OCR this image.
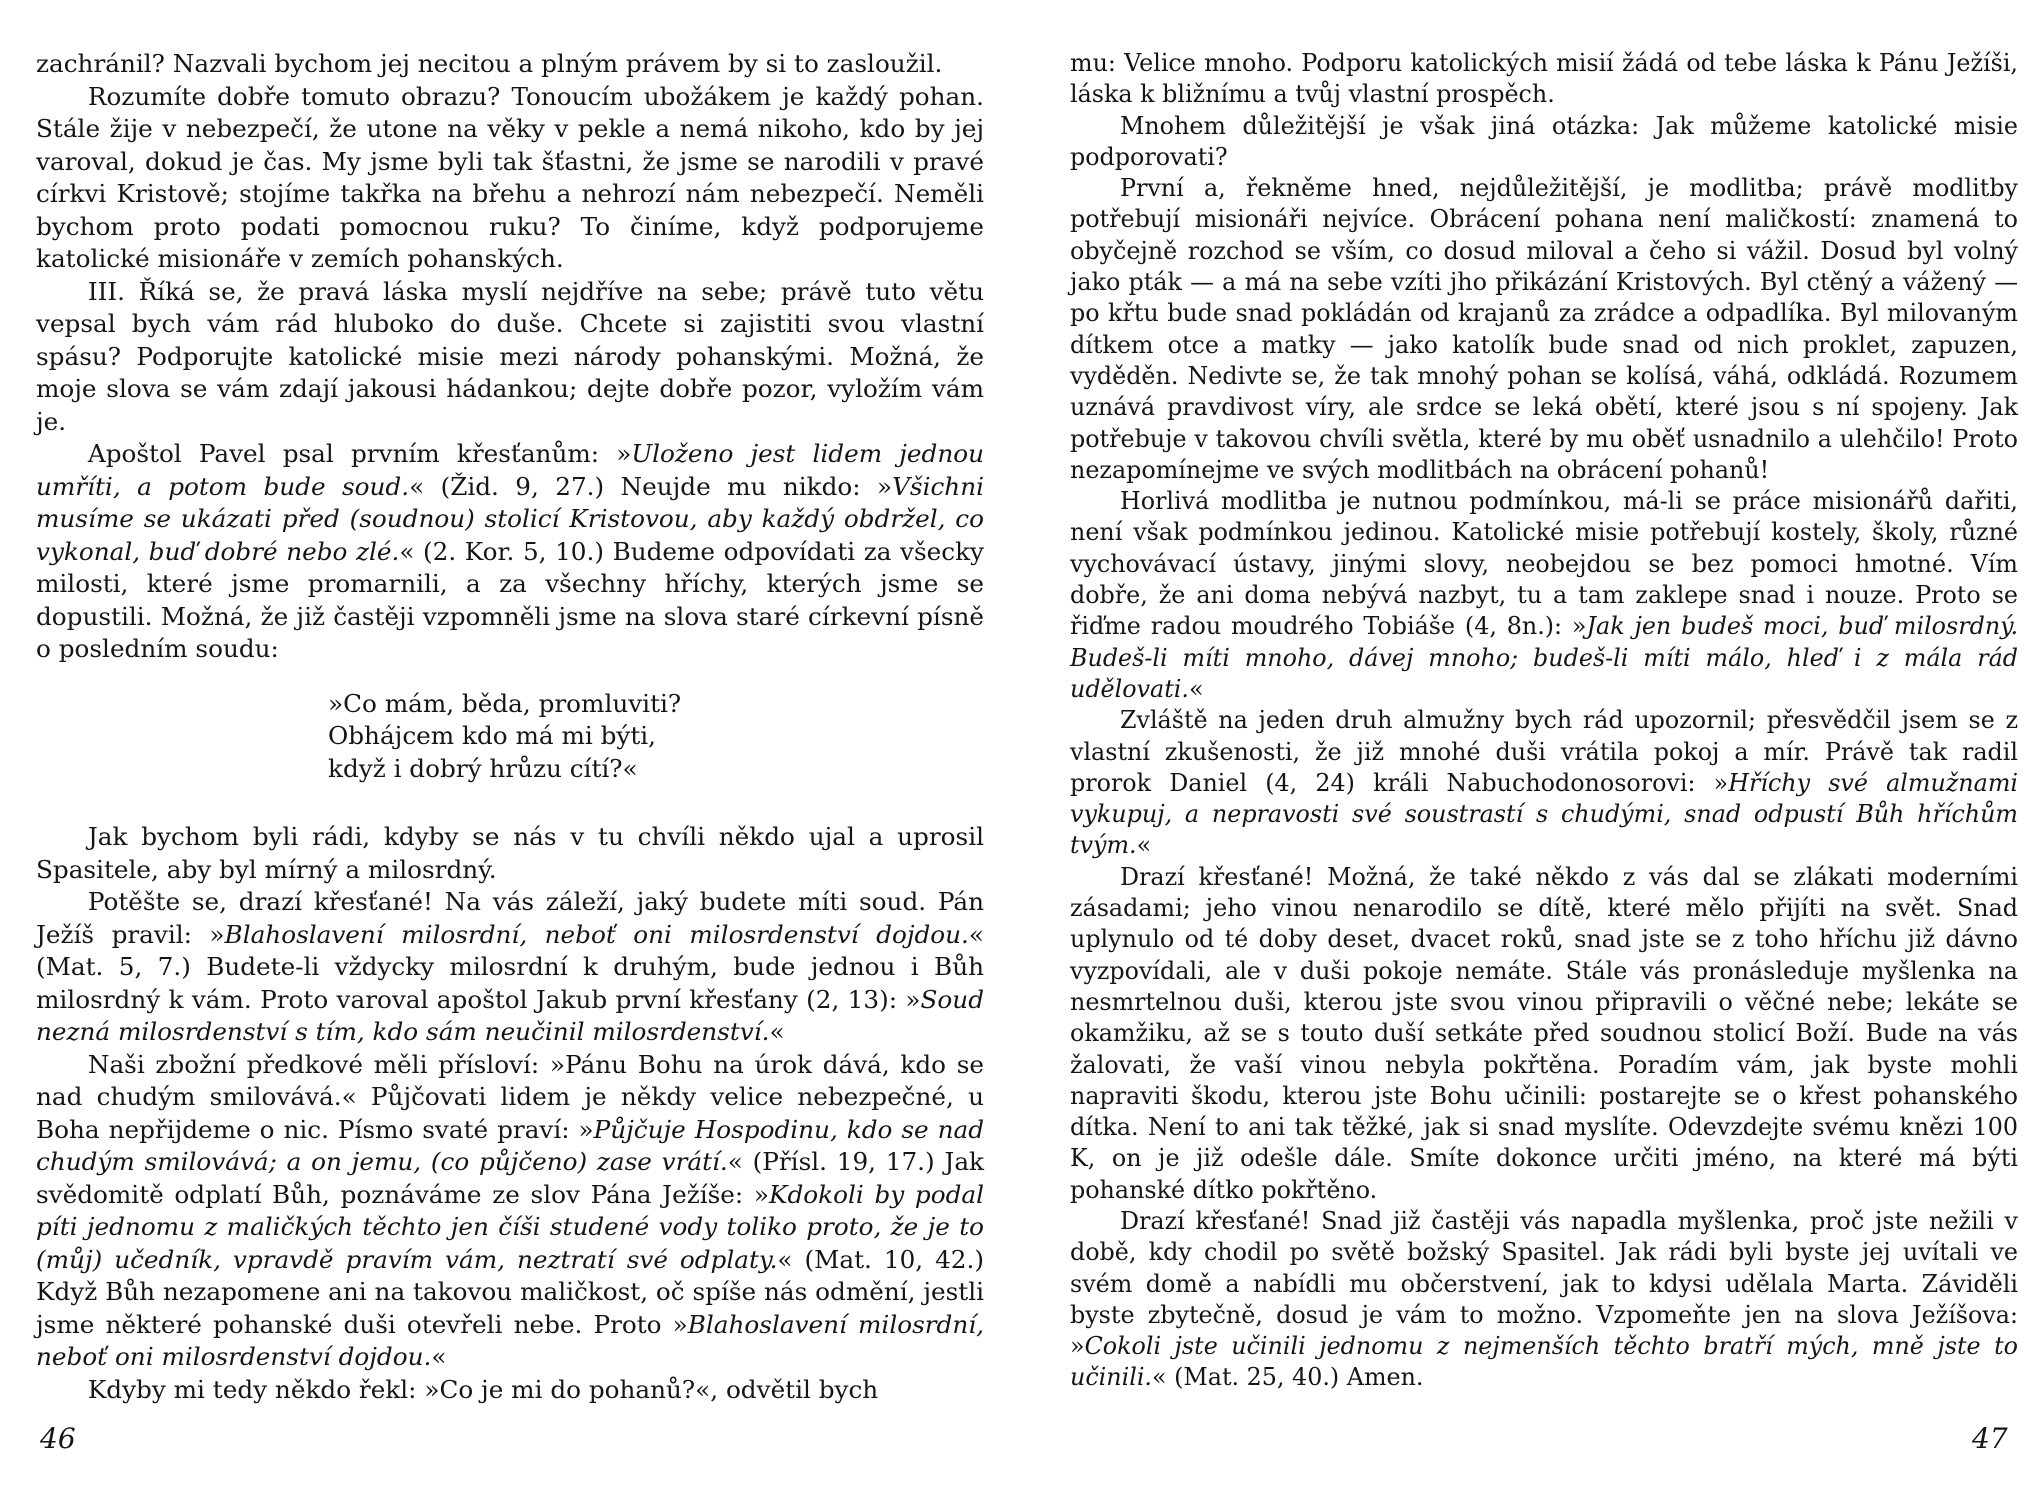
zachránil? Nazvali bychom jej necitou a plným právem by si to zasloužil.

Rozumíte dobře tomuto obrazu? Tonoucím ubožákem je každý pohan. Stále žije v nebezpečí, že utone na věky v pekle a nemá nikoho, kdo by jej varoval, dokud je čas. My jsme byli tak šťastni, že jsme se narodili v pravé církvi Kristově; stojíme takřka na břehu a nehrozí nám nebezpečí. Neměli bychom proto podati pomocnou ruku? To činíme, když podporujeme katolické misionáře v zemích pohanských.

III. Říká se, že pravá láska myslí nejdříve na sebe; právě tuto větu vepsal bych vám rád hluboko do duše. Chcete si zajistiti svou vlastní spásu? Podporujte katolické misie mezi národy pohanskými. Možná, že moje slova se vám zdají jakousi hádankou; dejte dobře pozor, vyložím vám je.

Apoštol Pavel psal prvním křesťanům: »Uloženo jest lidem jednou umříti, a potom bude soud.« (Žid. 9, 27.) Neujde mu nikdo: »Všichni musíme se ukázati před (soudnou) stolicí Kristovou, aby každý obdržel, co vykonal, buď dobré nebo zlé.« (2. Kor. 5, 10.) Budeme odpovídati za všecky milosti, které jsme promarnili, a za všechny hříchy, kterých jsme se dopustili. Možná, že již častěji vzpomněli jsme na slova staré církevní písně o posledním soudu:

»Co mám, běda, promluviti?
Obhájcem kdo má mi býti,
když i dobrý hrůzu cítí?«

Jak bychom byli rádi, kdyby se nás v tu chvíli někdo ujal a uprosil Spasitele, aby byl mírný a milosrdný.

Potěšte se, drazí křesťané! Na vás záleží, jaký budete míti soud. Pán Ježíš pravil: »Blahoslavení milosrdní, neboť oni milosrdenství dojdou.« (Mat. 5, 7.) Budete-li vždycky milosrdní k druhým, bude jednou i Bůh milosrdný k vám. Proto varoval apoštol Jakub první křesťany (2, 13): »Soud nezná milosrdenství s tím, kdo sám neučinil milosrdenství.«

Naši zbožní předkové měli přísloví: »Pánu Bohu na úrok dává, kdo se nad chudým smilovává.« Půjčovati lidem je někdy velice nebezpečné, u Boha nepřijdeme o nic. Písmo svaté praví: »Půjčuje Hospodinu, kdo se nad chudým smilovává; a on jemu, (co půjčeno) zase vrátí.« (Přísl. 19, 17.) Jak svědomitě odplatí Bůh, poznáváme ze slov Pána Ježíše: »Kdokoli by podal píti jednomu z maličkých těchto jen číši studené vody toliko proto, že je to (můj) učedník, vpravdě pravím vám, neztratí své odplaty.« (Mat. 10, 42.) Když Bůh nezapomene ani na takovou maličkost, oč spíše nás odmění, jestli jsme některé pohanské duši otevřeli nebe. Proto »Blahoslavení milosrdní, neboť oni milosrdenství dojdou.«

Kdyby mi tedy někdo řekl: »Co je mi do pohanů?«, odvětil bych

46

mu: Velice mnoho. Podporu katolických misií žádá od tebe láska k Pánu Ježíši, láska k bližnímu a tvůj vlastní prospěch.

Mnohem důležitější je však jiná otázka: Jak můžeme katolické misie podporovati?

První a, řekněme hned, nejdůležitější, je modlitba; právě modlitby potřebují misionáři nejvíce. Obrácení pohana není maličkostí: znamená to obyčejně rozchod se vším, co dosud miloval a čeho si vážil. Dosud byl volný jako pták — a má na sebe vzíti jho přikázání Kristových. Byl ctěný a vážený — po křtu bude snad pokládán od krajanů za zrádce a odpadlíka. Byl milovaným dítkem otce a matky — jako katolík bude snad od nich proklet, zapuzen, vyděděn. Nedivte se, že tak mnohý pohan se kolísá, váhá, odkládá. Rozumem uznává pravdivost víry, ale srdce se leká obětí, které jsou s ní spojeny. Jak potřebuje v takovou chvíli světla, které by mu oběť usnadnilo a ulehčilo! Proto nezapomínejme ve svých modlitbách na obrácení pohanů!

Horlivá modlitba je nutnou podmínkou, má-li se práce misionářů dařiti, není však podmínkou jedinou. Katolické misie potřebují kostely, školy, různé vychovávací ústavy, jinými slovy, neobejdou se bez pomoci hmotné. Vím dobře, že ani doma nebývá nazbyt, tu a tam zaklepe snad i nouze. Proto se řiďme radou moudrého Tobiáše (4, 8n.): »Jak jen budeš moci, buď milosrdný. Budeš-li míti mnoho, dávej mnoho; budeš-li míti málo, hleď i z mála rád udělovati.«

Zvláště na jeden druh almužny bych rád upozornil; přesvědčil jsem se z vlastní zkušenosti, že již mnohé duši vrátila pokoj a mír. Právě tak radil prorok Daniel (4, 24) králi Nabuchodonosorovi: »Hříchy své almužnami vykupuj, a nepravosti své soustrastí s chudými, snad odpustí Bůh hříchům tvým.«

Drazí křesťané! Možná, že také někdo z vás dal se zlákati moderními zásadami; jeho vinou nenarodilo se dítě, které mělo přijíti na svět. Snad uplynulo od té doby deset, dvacet roků, snad jste se z toho hříchu již dávno vyzpovídali, ale v duši pokoje nemáte. Stále vás pronásleduje myšlenka na nesmrtelnou duši, kterou jste svou vinou připravili o věčné nebe; lekáte se okamžiku, až se s touto duší setkáte před soudnou stolicí Boží. Bude na vás žalovati, že vaší vinou nebyla pokřtěna. Poradím vám, jak byste mohli napraviti škodu, kterou jste Bohu učinili: postarejte se o křest pohanského dítka. Není to ani tak těžké, jak si snad myslíte. Odevzdejte svému knězi 100 K, on je již odešle dále. Smíte dokonce určiti jméno, na které má býti pohanské dítko pokřtěno.

Drazí křesťané! Snad již častěji vás napadla myšlenka, proč jste nežili v době, kdy chodil po světě božský Spasitel. Jak rádi byli byste jej uvítali ve svém domě a nabídli mu občerstvení, jak to kdysi udělala Marta. Záviděli byste zbytečně, dosud je vám to možno. Vzpomeňte jen na slova Ježíšova: »Cokoli jste učinili jednomu z nejmenších těchto bratří mých, mně jste to učinili.« (Mat. 25, 40.) Amen.

47
